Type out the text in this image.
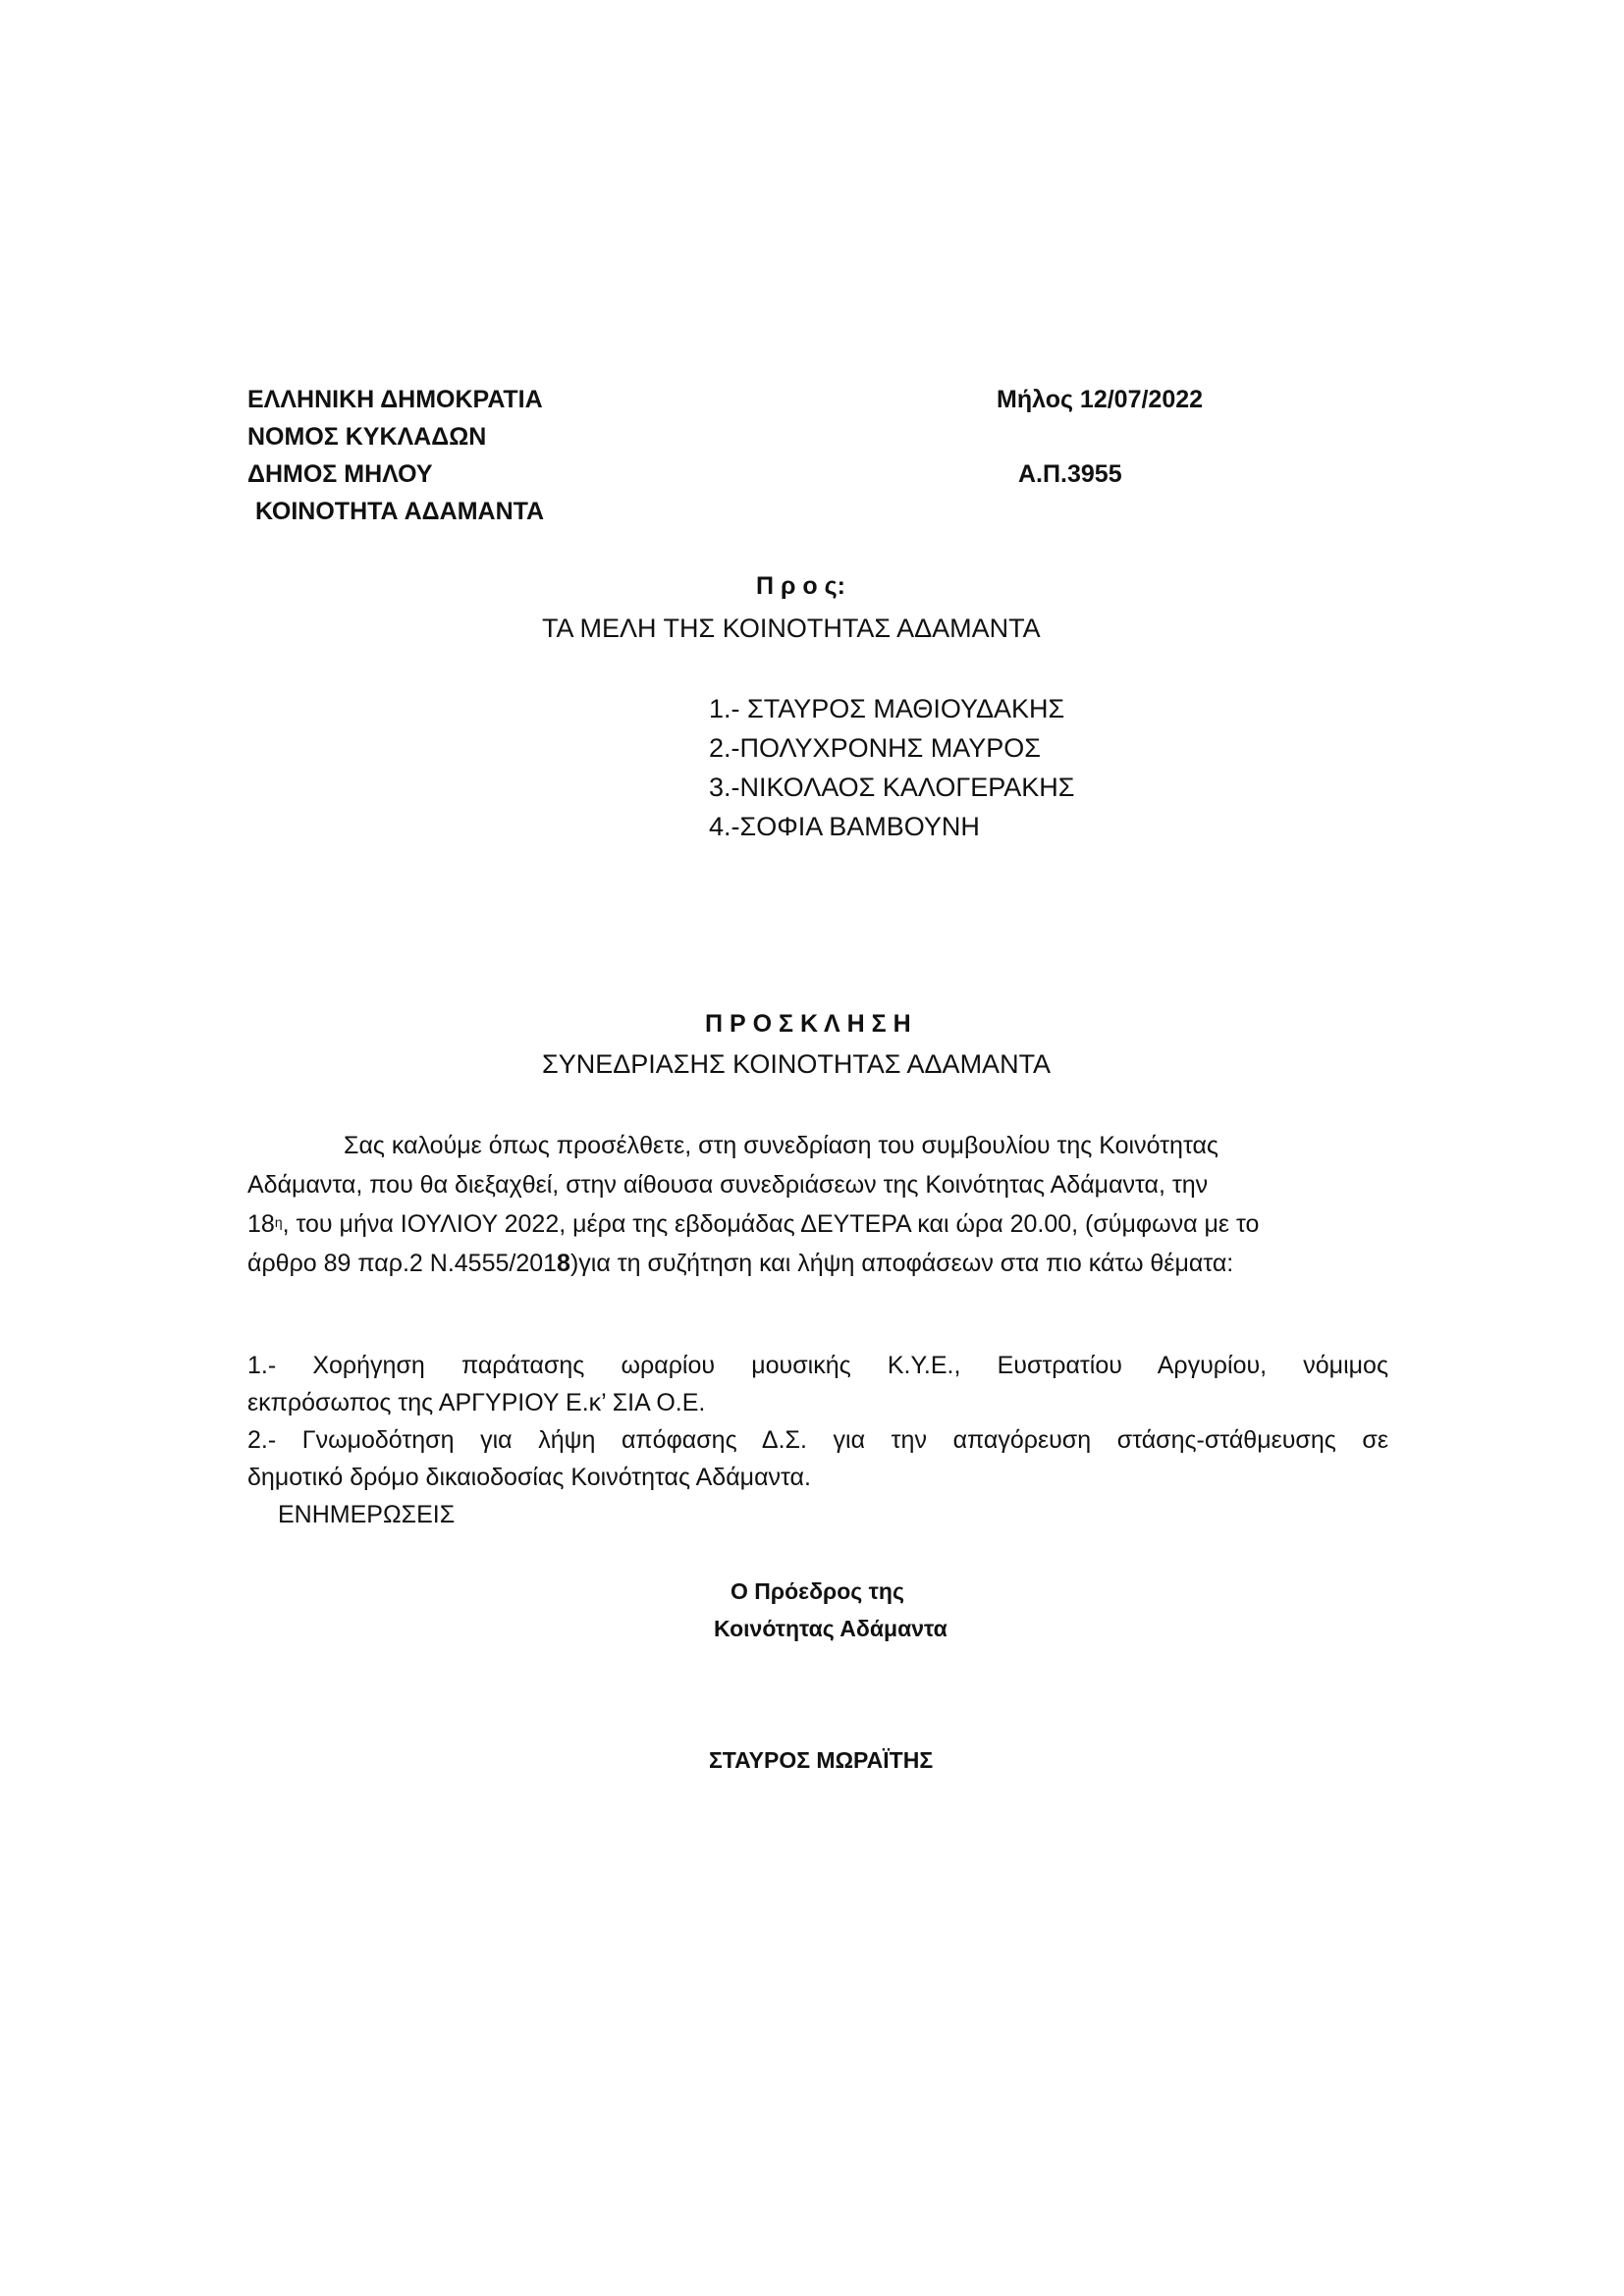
ΕΛΛΗΝΙΚΗ ΔΗΜΟΚΡΑΤΙΑ
ΝΟΜΟΣ ΚΥΚΛΑΔΩΝ
ΔΗΜΟΣ ΜΗΛΟΥ
ΚΟΙΝΟΤΗΤΑ ΑΔΑΜΑΝΤΑ
Μήλος 12/07/2022
Α.Π.3955
Π ρ ο ς:
ΤΑ ΜΕΛΗ ΤΗΣ ΚΟΙΝΟΤΗΤΑΣ ΑΔΑΜΑΝΤΑ
1.- ΣΤΑΥΡΟΣ ΜΑΘΙΟΥΔΑΚΗΣ
2.-ΠΟΛΥΧΡΟΝΗΣ ΜΑΥΡΟΣ
3.-ΝΙΚΟΛΑΟΣ ΚΑΛΟΓΕΡΑΚΗΣ
4.-ΣΟΦΙΑ ΒΑΜΒΟΥΝΗ
Π Ρ Ο Σ Κ Λ Η Σ Η
ΣΥΝΕΔΡΙΑΣΗΣ ΚΟΙΝΟΤΗΤΑΣ ΑΔΑΜΑΝΤΑ
Σας καλούμε όπως προσέλθετε, στη συνεδρίαση του συμβουλίου της Κοινότητας
Αδάμαντα, που θα διεξαχθεί, στην αίθουσα συνεδριάσεων της Κοινότητας Αδάμαντα, την
$18^\eta$, του μήνα ΙΟΥΛΙΟΥ 2022, μέρα της εβδομάδας ΔΕΥΤΕΡΑ και ώρα 20.00, (σύμφωνα με το
άρθρο 89 παρ.2 Ν.4555/2018)για τη συζήτηση και λήψη αποφάσεων στα πιο κάτω θέματα:
1.- Χορήγηση παράτασης ωραρίου μουσικής Κ.Υ.Ε., Ευστρατίου Αργυρίου, νόμιμος
εκπρόσωπος της ΑΡΓΥΡΙΟΥ Ε.κ’ ΣΙΑ Ο.Ε.
2.- Γνωμοδότηση για λήψη απόφασης Δ.Σ. για την απαγόρευση στάσης-στάθμευσης σε
δημοτικό δρόμο δικαιοδοσίας Κοινότητας Αδάμαντα.
ΕΝΗΜΕΡΩΣΕΙΣ
Ο Πρόεδρος της
Κοινότητας Αδάμαντα
ΣΤΑΥΡΟΣ ΜΩΡΑΪΤΗΣ
